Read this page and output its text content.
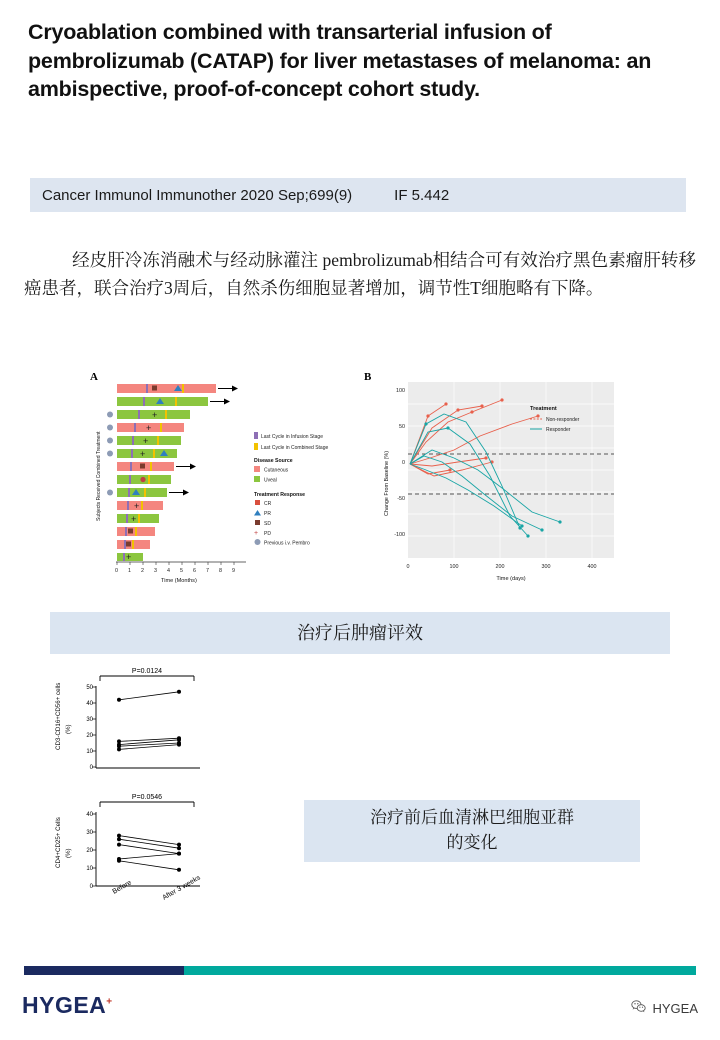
Cryoablation combined with transarterial infusion of pembrolizumab (CATAP) for liver metastases of melanoma: an ambispective, proof-of-concept cohort study.
Cancer Immunol Immunother 2020 Sep;699(9)	IF 5.442
经皮肝冷冻消融术与经动脉灌注 pembrolizumab相结合可有效治疗黑色素瘤肝转移癌患者，联合治疗3周后，自然杀伤细胞显著增加，调节性T细胞略有下降。
A
Subjects Received Combined Treatment
0 1 2 3 4 5 6 7 8 9
Time (Months)
+
+
+
+
+
+
+
Last Cycle in Infusion Stage
Last Cycle in Combined Stage
Disease Source
Cutaneous
Uveal
Treatment Response
CR
PR
SD
+ PD
Previous i.v. Pembro
B
100
50
0
-50
-100
Change From Baseline (%)
0	100	200	300	400
Time (days)
Treatment
Non-responder
Responder
治疗后肿瘤评效
P=0.0124
50
40
30
20
10
0
CD3-CD16+CD56+ cells (%)
P=0.0546
40
30
20
10
0
CD4+CD25+ Cells (%)
Before	After 3 weeks
治疗前后血清淋巴细胞亚群
的变化
HYGEA+	HYGEA
